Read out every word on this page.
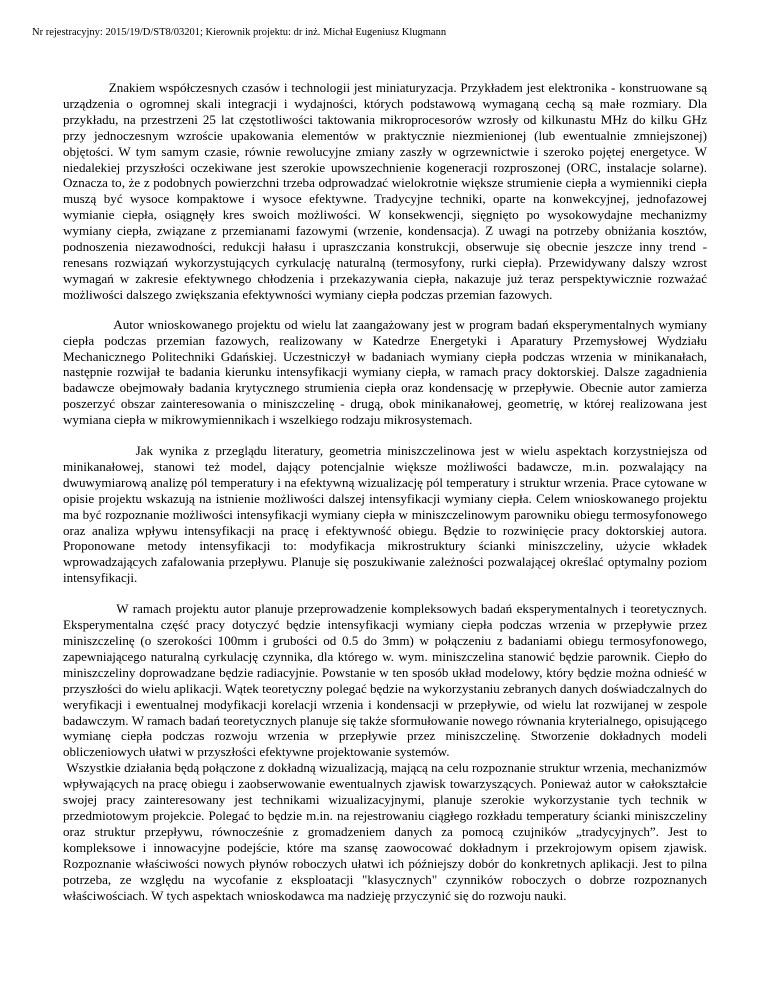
Nr rejestracyjny: 2015/19/D/ST8/03201; Kierownik projektu: dr inż. Michał Eugeniusz Klugmann

Znakiem współczesnych czasów i technologii jest miniaturyzacja. Przykładem jest elektronika - konstruowane są urządzenia o ogromnej skali integracji i wydajności, których podstawową wymaganą cechą są małe rozmiary. Dla przykładu, na przestrzeni 25 lat częstotliwości taktowania mikroprocesorów wzrosły od kilkunastu MHz do kilku GHz przy jednoczesnym wzroście upakowania elementów w praktycznie niezmienionej (lub ewentualnie zmniejszonej) objętości. W tym samym czasie, równie rewolucyjne zmiany zaszły w ogrzewnictwie i szeroko pojętej energetyce. W niedalekiej przyszłości oczekiwane jest szerokie upowszechnienie kogeneracji rozproszonej (ORC, instalacje solarne). Oznacza to, że z podobnych powierzchni trzeba odprowadzać wielokrotnie większe strumienie ciepła a wymienniki ciepła muszą być wysoce kompaktowe i wysoce efektywne. Tradycyjne techniki, oparte na konwekcyjnej, jednofazowej wymianie ciepła, osiągnęły kres swoich możliwości. W konsekwencji, sięgnięto po wysokowydajne mechanizmy wymiany ciepła, związane z przemianami fazowymi (wrzenie, kondensacja). Z uwagi na potrzeby obniżania kosztów, podnoszenia niezawodności, redukcji hałasu i upraszczania konstrukcji, obserwuje się obecnie jeszcze inny trend - renesans rozwiązań wykorzystujących cyrkulację naturalną (termosyfony, rurki ciepła). Przewidywany dalszy wzrost wymagań w zakresie efektywnego chłodzenia i przekazywania ciepła, nakazuje już teraz perspektywicznie rozważać możliwości dalszego zwiększania efektywności wymiany ciepła podczas przemian fazowych.

Autor wnioskowanego projektu od wielu lat zaangażowany jest w program badań eksperymentalnych wymiany ciepła podczas przemian fazowych, realizowany w Katedrze Energetyki i Aparatury Przemysłowej Wydziału Mechanicznego Politechniki Gdańskiej. Uczestniczył w badaniach wymiany ciepła podczas wrzenia w minikanałach, następnie rozwijał te badania kierunku intensyfikacji wymiany ciepła, w ramach pracy doktorskiej. Dalsze zagadnienia badawcze obejmowały badania krytycznego strumienia ciepła oraz kondensację w przepływie. Obecnie autor zamierza poszerzyć obszar zainteresowania o miniszczelinę - drugą, obok minikanałowej, geometrię, w której realizowana jest wymiana ciepła w mikrowymiennikach i wszelkiego rodzaju mikrosystemach.

Jak wynika z przeglądu literatury, geometria miniszczelinowa jest w wielu aspektach korzystniejsza od minikanałowej, stanowi też model, dający potencjalnie większe możliwości badawcze, m.in. pozwalający na dwuwymiarową analizę pól temperatury i na efektywną wizualizację pól temperatury i struktur wrzenia. Prace cytowane w opisie projektu wskazują na istnienie możliwości dalszej intensyfikacji wymiany ciepła. Celem wnioskowanego projektu ma być rozpoznanie możliwości intensyfikacji wymiany ciepła w miniszczelinowym parowniku obiegu termosyfonowego oraz analiza wpływu intensyfikacji na pracę i efektywność obiegu. Będzie to rozwinięcie pracy doktorskiej autora. Proponowane metody intensyfikacji to: modyfikacja mikrostruktury ścianki miniszczeliny, użycie wkładek wprowadzających zafalowania przepływu. Planuje się poszukiwanie zależności pozwalającej określać optymalny poziom intensyfikacji.

W ramach projektu autor planuje przeprowadzenie kompleksowych badań eksperymentalnych i teoretycznych. Eksperymentalna część pracy dotyczyć będzie intensyfikacji wymiany ciepła podczas wrzenia w przepływie przez miniszczelinę (o szerokości 100mm i grubości od 0.5 do 3mm) w połączeniu z badaniami obiegu termosyfonowego, zapewniającego naturalną cyrkulację czynnika, dla którego w. wym. miniszczelina stanowić będzie parownik. Ciepło do miniszczeliny doprowadzane będzie radiacyjnie. Powstanie w ten sposób układ modelowy, który będzie można odnieść w przyszłości do wielu aplikacji. Wątek teoretyczny polegać będzie na wykorzystaniu zebranych danych doświadczalnych do weryfikacji i ewentualnej modyfikacji korelacji wrzenia i kondensacji w przepływie, od wielu lat rozwijanej w zespole badawczym. W ramach badań teoretycznych planuje się także sformułowanie nowego równania kryterialnego, opisującego wymianę ciepła podczas rozwoju wrzenia w przepływie przez miniszczelinę. Stworzenie dokładnych modeli obliczeniowych ułatwi w przyszłości efektywne projektowanie systemów.

Wszystkie działania będą połączone z dokładną wizualizacją, mającą na celu rozpoznanie struktur wrzenia, mechanizmów wpływających na pracę obiegu i zaobserwowanie ewentualnych zjawisk towarzyszących. Ponieważ autor w całokształcie swojej pracy zainteresowany jest technikami wizualizacyjnymi, planuje szerokie wykorzystanie tych technik w przedmiotowym projekcie. Polegać to będzie m.in. na rejestrowaniu ciągłego rozkładu temperatury ścianki miniszczeliny oraz struktur przepływu, równocześnie z gromadzeniem danych za pomocą czujników „tradycyjnych”. Jest to kompleksowe i innowacyjne podejście, które ma szansę zaowocować dokładnym i przekrojowym opisem zjawisk. Rozpoznanie właściwości nowych płynów roboczych ułatwi ich późniejszy dobór do konkretnych aplikacji. Jest to pilna potrzeba, ze względu na wycofanie z eksploatacji "klasycznych" czynników roboczych o dobrze rozpoznanych właściwościach. W tych aspektach wnioskodawca ma nadzieję przyczynić się do rozwoju nauki.
